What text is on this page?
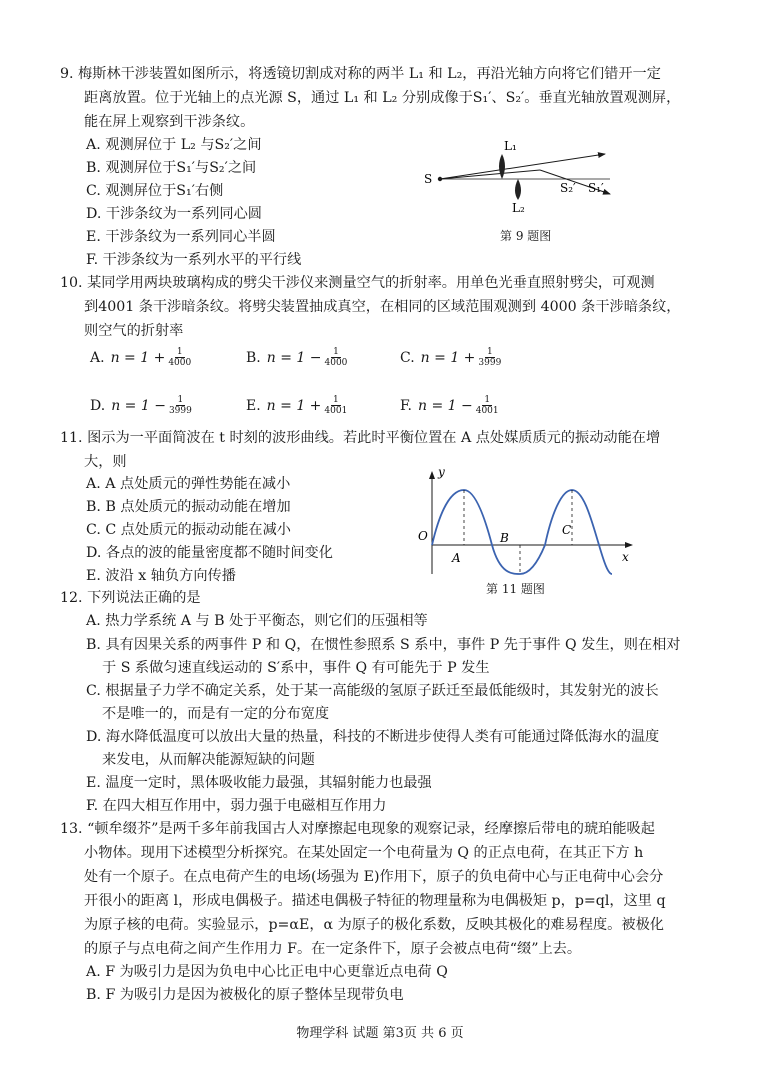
9. 梅斯林干涉装置如图所示，将透镜切割成对称的两半 L₁ 和 L₂，再沿光轴方向将它们错开一定
距离放置。位于光轴上的点光源 S，通过 L₁ 和 L₂ 分别成像于S₁′、S₂′。垂直光轴放置观测屏，
能在屏上观察到干涉条纹。
A. 观测屏位于 L₂ 与S₂′之间
B. 观测屏位于S₁′与S₂′之间
C. 观测屏位于S₁′右侧
D. 干涉条纹为一系列同心圆
E. 干涉条纹为一系列同心半圆
F. 干涉条纹为一系列水平的平行线
S
L₁
L₂
S₂′ S₁′
第 9 题图
10. 某同学用两块玻璃构成的劈尖干涉仪来测量空气的折射率。用单色光垂直照射劈尖，可观测
到4001 条干涉暗条纹。将劈尖装置抽成真空，在相同的区域范围观测到 4000 条干涉暗条纹，
则空气的折射率
A. $n = 1 + \frac{1}{4000}$	B. $n = 1 - \frac{1}{4000}$	C. $n = 1 + \frac{1}{3999}$
D. $n = 1 - \frac{1}{3999}$	E. $n = 1 + \frac{1}{4001}$	F. $n = 1 - \frac{1}{4001}$
11. 图示为一平面简波在 t 时刻的波形曲线。若此时平衡位置在 A 点处媒质质元的振动动能在增
大，则
A. A 点处质元的弹性势能在减小
B. B 点处质元的振动动能在增加
C. C 点处质元的振动动能在减小
D. 各点的波的能量密度都不随时间变化
E. 波沿 x 轴负方向传播
y
x
O
A
B
C
第 11 题图
12. 下列说法正确的是
A. 热力学系统 A 与 B 处于平衡态，则它们的压强相等
B. 具有因果关系的两事件 P 和 Q，在惯性参照系 S 系中，事件 P 先于事件 Q 发生，则在相对
于 S 系做匀速直线运动的 S′系中，事件 Q 有可能先于 P 发生
C. 根据量子力学不确定关系，处于某一高能级的氢原子跃迁至最低能级时，其发射光的波长
不是唯一的，而是有一定的分布宽度
D. 海水降低温度可以放出大量的热量，科技的不断进步使得人类有可能通过降低海水的温度
来发电，从而解决能源短缺的问题
E. 温度一定时，黑体吸收能力最强，其辐射能力也最强
F. 在四大相互作用中，弱力强于电磁相互作用力
13. “顿牟缀芥”是两千多年前我国古人对摩擦起电现象的观察记录，经摩擦后带电的琥珀能吸起
小物体。现用下述模型分析探究。在某处固定一个电荷量为 Q 的正点电荷，在其正下方 h
处有一个原子。在点电荷产生的电场(场强为 E)作用下，原子的负电荷中心与正电荷中心会分
开很小的距离 l，形成电偶极子。描述电偶极子特征的物理量称为电偶极矩 p，p=ql，这里 q
为原子核的电荷。实验显示，p=αE，α 为原子的极化系数，反映其极化的难易程度。被极化
的原子与点电荷之间产生作用力 F。在一定条件下，原子会被点电荷“缀”上去。
A. F 为吸引力是因为负电中心比正电中心更靠近点电荷 Q
B. F 为吸引力是因为被极化的原子整体呈现带负电
物理学科 试题 第3页 共 6 页
